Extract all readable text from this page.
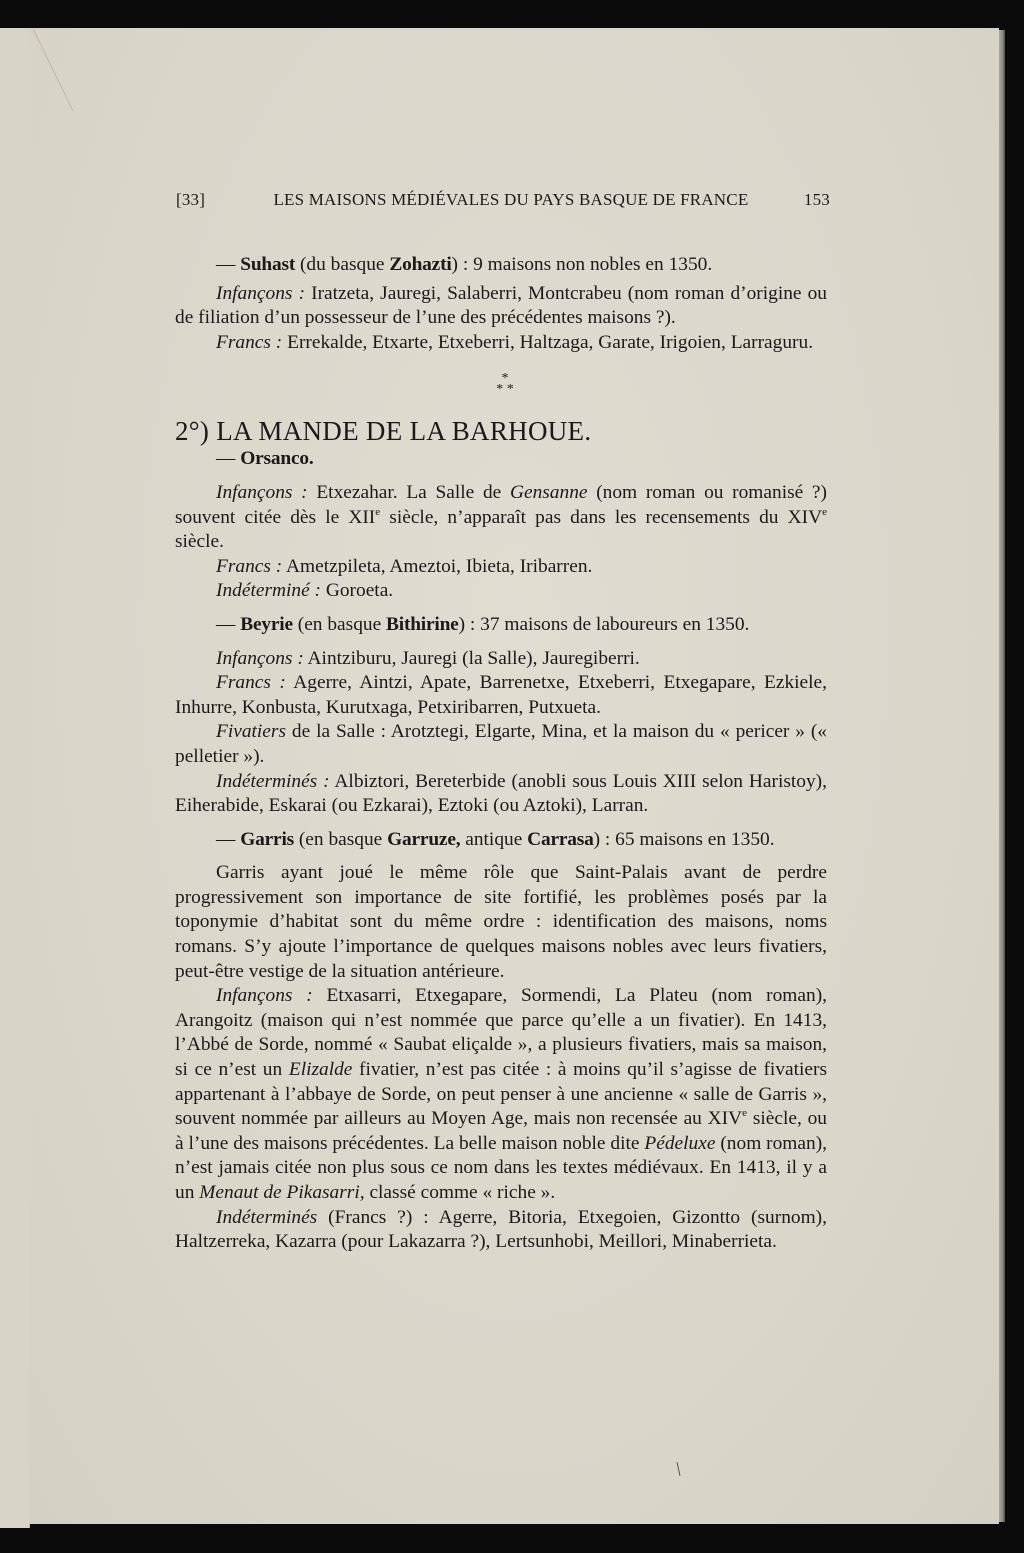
[33]	LES MAISONS MÉDIÉVALES DU PAYS BASQUE DE FRANCE	153

— Suhast (du basque Zohazti) : 9 maisons non nobles en 1350.

Infançons : Iratzeta, Jauregi, Salaberri, Montcrabeu (nom roman d’origine ou de filiation d’un possesseur de l’une des précédentes maisons ?).

Francs : Errekalde, Etxarte, Etxeberri, Haltzaga, Garate, Irigoien, Larraguru.

*
* *

2°) LA MANDE DE LA BARHOUE.

— Orsanco.

Infançons : Etxezahar. La Salle de Gensanne (nom roman ou romanisé ?) souvent citée dès le XIIe siècle, n’apparaît pas dans les recensements du XIVe siècle.

Francs : Ametzpileta, Ameztoi, Ibieta, Iribarren.

Indéterminé : Goroeta.

— Beyrie (en basque Bithirine) : 37 maisons de laboureurs en 1350.

Infançons : Aintziburu, Jauregi (la Salle), Jauregiberri.

Francs : Agerre, Aintzi, Apate, Barrenetxe, Etxeberri, Etxegapare, Ezkiele, Inhurre, Konbusta, Kurutxaga, Petxiribarren, Putxueta.

Fivatiers de la Salle : Arotztegi, Elgarte, Mina, et la maison du « pericer » (« pelletier »).

Indéterminés : Albiztori, Bereterbide (anobli sous Louis XIII selon Haristoy), Eiherabide, Eskarai (ou Ezkarai), Eztoki (ou Aztoki), Larran.

— Garris (en basque Garruze, antique Carrasa) : 65 maisons en 1350.

Garris ayant joué le même rôle que Saint-Palais avant de perdre progressivement son importance de site fortifié, les problèmes posés par la toponymie d’habitat sont du même ordre : identification des maisons, noms romans. S’y ajoute l’importance de quelques maisons nobles avec leurs fivatiers, peut-être vestige de la situation antérieure.

Infançons : Etxasarri, Etxegapare, Sormendi, La Plateu (nom roman), Arangoitz (maison qui n’est nommée que parce qu’elle a un fivatier). En 1413, l’Abbé de Sorde, nommé « Saubat eliçalde », a plusieurs fivatiers, mais sa maison, si ce n’est un Elizalde fivatier, n’est pas citée : à moins qu’il s’agisse de fivatiers appartenant à l’abbaye de Sorde, on peut penser à une ancienne « salle de Garris », souvent nommée par ailleurs au Moyen Age, mais non recensée au XIVe siècle, ou à l’une des maisons précédentes. La belle maison noble dite Pédeluxe (nom roman), n’est jamais citée non plus sous ce nom dans les textes médiévaux. En 1413, il y a un Menaut de Pikasarri, classé comme « riche ».

Indéterminés (Francs ?) : Agerre, Bitoria, Etxegoien, Gizontto (surnom), Haltzerreka, Kazarra (pour Lakazarra ?), Lertsunhobi, Meillori, Minaberrieta.
